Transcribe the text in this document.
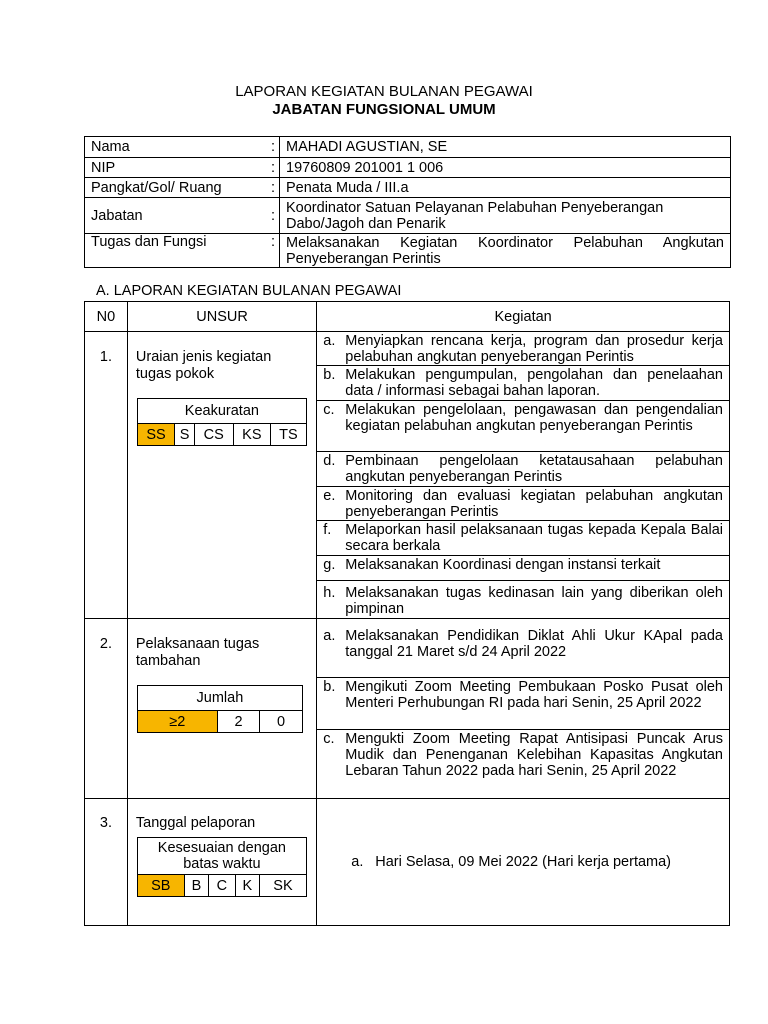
LAPORAN KEGIATAN BULANAN PEGAWAI
JABATAN FUNGSIONAL UMUM
Nama	:	MAHADI AGUSTIAN, SE
NIP	:	19760809 201001 1 006
Pangkat/Gol/ Ruang	:	Penata Muda / III.a
Jabatan	:	Koordinator Satuan Pelayanan Pelabuhan Penyeberangan Dabo/Jagoh dan Penarik
Tugas dan Fungsi	:	Melaksanakan Kegiatan Koordinator Pelabuhan Angkutan Penyeberangan Perintis
A. LAPORAN KEGIATAN BULANAN PEGAWAI
N0	UNSUR	Kegiatan
1.	Uraian jenis kegiatan tugas pokok
Keakuratan
SS	S	CS	KS	TS

a. Menyiapkan rencana kerja, program dan prosedur kerja pelabuhan angkutan penyeberangan Perintis
b. Melakukan pengumpulan, pengolahan dan penelaahan data / informasi sebagai bahan laporan.
c. Melakukan pengelolaan, pengawasan dan pengendalian kegiatan pelabuhan angkutan penyeberangan Perintis
d. Pembinaan pengelolaan ketatausahaan pelabuhan angkutan penyeberangan Perintis
e. Monitoring dan evaluasi kegiatan pelabuhan angkutan penyeberangan Perintis
f. Melaporkan hasil pelaksanaan tugas kepada Kepala Balai secara berkala
g. Melaksanakan Koordinasi dengan instansi terkait
h. Melaksanakan tugas kedinasan lain yang diberikan oleh pimpinan

2.	Pelaksanaan tugas tambahan
Jumlah
≥2	2	0

a. Melaksanakan Pendidikan Diklat Ahli Ukur KApal pada tanggal 21 Maret s/d 24 April 2022
b. Mengikuti Zoom Meeting Pembukaan Posko Pusat oleh Menteri Perhubungan RI pada hari Senin, 25 April 2022
c. Mengukti Zoom Meeting Rapat Antisipasi Puncak Arus Mudik dan Penenganan Kelebihan Kapasitas Angkutan Lebaran Tahun 2022 pada hari Senin, 25 April 2022

3.	Tanggal pelaporan
Kesesuaian dengan batas waktu
SB	B	C	K	SK

a. Hari Selasa, 09 Mei 2022 (Hari kerja pertama)
